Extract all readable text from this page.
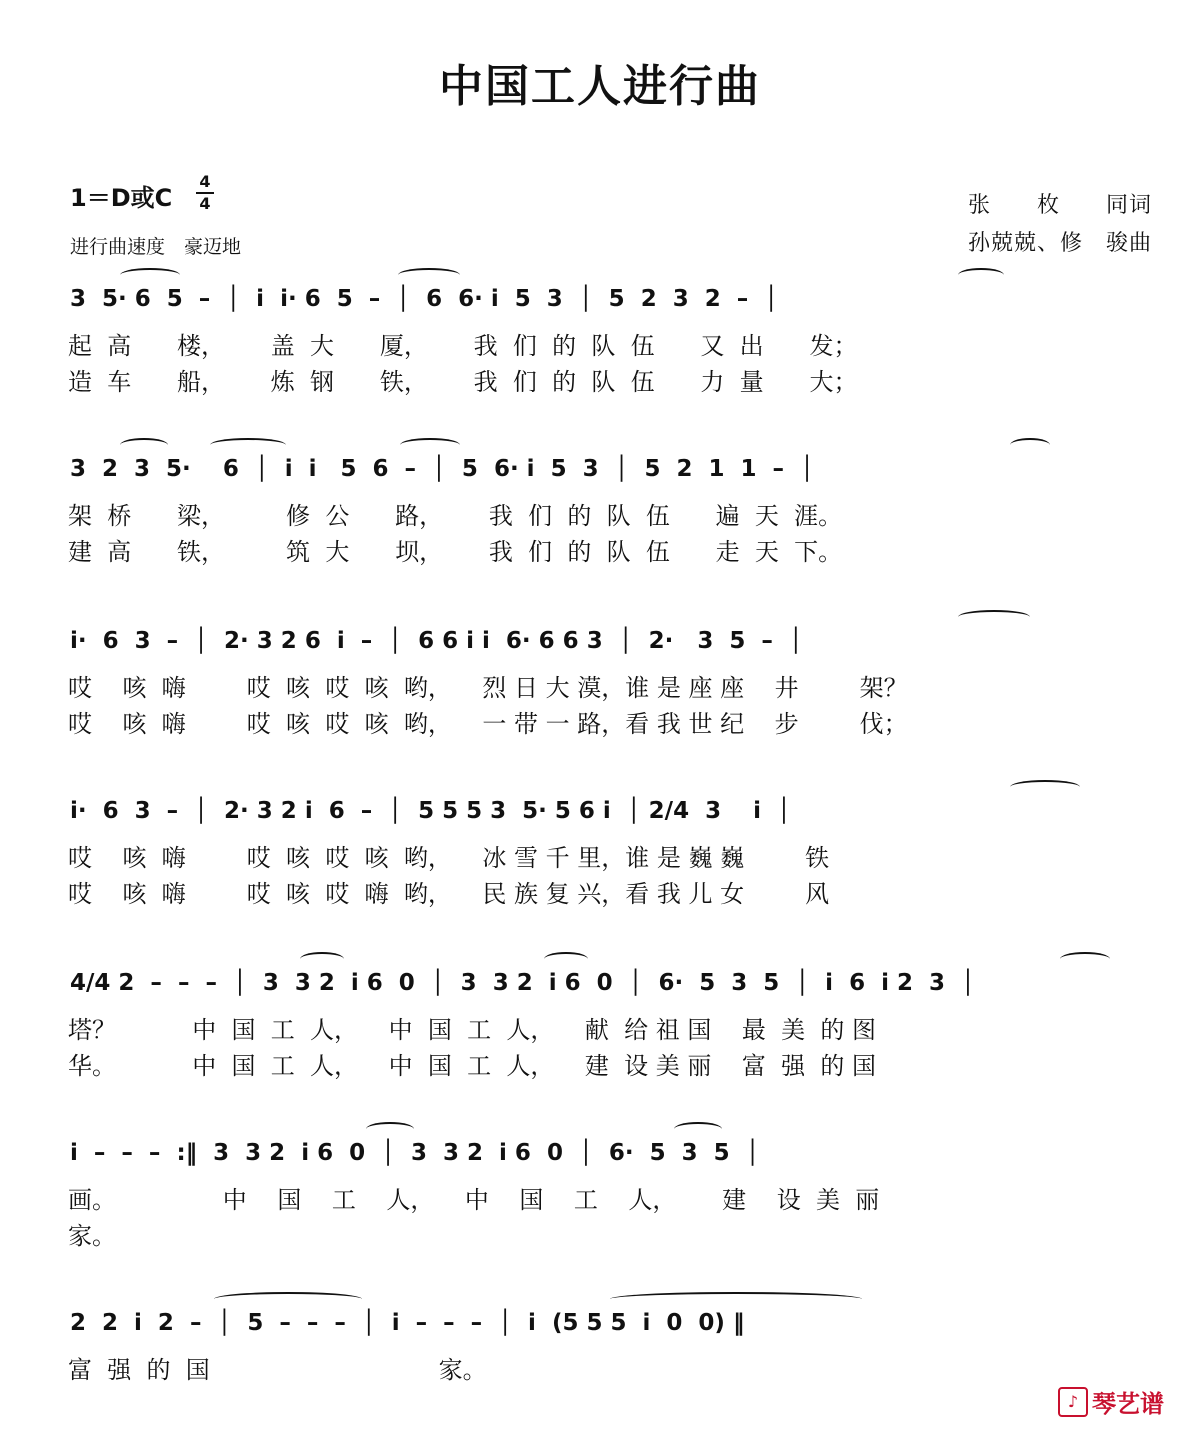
中国工人进行曲
1＝D或C
4
4
进行曲速度　豪迈地
张　　枚　　同词
孙兢兢、修　骏曲
3  5· 6  5  –  │  i  i· 6  5  –  │  6  6· i  5  3  │  5  2  3  2  –  │
起  高      楼，      盖  大      厦，      我  们  的  队  伍      又  出      发；
造  车      船，      炼  钢      铁，      我  们  的  队  伍      力  量      大；
3  2  3  5·    6  │  i  i   5  6  –  │  5  6· i  5  3  │  5  2  1  1  –  │
架  桥      梁，        修  公      路，      我  们  的  队  伍      遍  天  涯。
建  高      铁，        筑  大      坝，      我  们  的  队  伍      走  天  下。
i·  6  3  –  │  2· 3 2 6  i  –  │  6 6 i i  6· 6 6 3  │  2·   3  5  –  │
哎    咳  嗨        哎  咳  哎  咳  哟，    烈 日 大 漠，谁 是 座 座    井        架？
哎    咳  嗨        哎  咳  哎  咳  哟，    一 带 一 路，看 我 世 纪    步        伐；
i·  6  3  –  │  2· 3 2 i  6  –  │  5 5 5 3  5· 5 6 i  │ 2/4  3    i  │
哎    咳  嗨        哎  咳  哎  咳  哟，    冰 雪 千 里，谁 是 巍 巍        铁
哎    咳  嗨        哎  咳  哎  嗨  哟，    民 族 复 兴，看 我 儿 女        风
4/4 2  –  –  –  │  3  3 2  i 6  0  │  3  3 2  i 6  0  │  6·  5  3  5  │  i  6  i 2  3  │
塔？          中  国  工  人，    中  国  工  人，    献  给 祖 国    最  美  的 图
华。          中  国  工  人，    中  国  工  人，    建  设 美 丽    富  强  的 国
i  –  –  –  :‖  3  3 2  i 6  0  │  3  3 2  i 6  0  │  6·  5  3  5  │
画。              中    国    工    人，    中    国    工    人，      建    设  美  丽
家。
2  2  i  2  –  │  5  –  –  –  │  i  –  –  –  │  i  (5 5 5  i  0  0) ‖
富  强  的  国                              家。
♪ 琴艺谱
